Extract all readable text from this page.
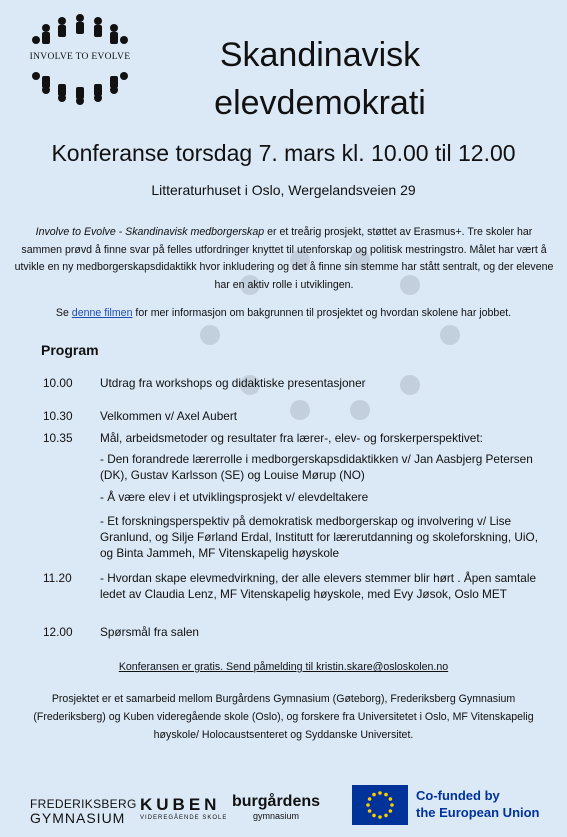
INVOLVE TO EVOLVE	Skandinavisk
elevdemokrati
Konferanse torsdag 7. mars kl. 10.00 til 12.00
Litteraturhuset i Oslo, Wergelandsveien 29
Involve to Evolve - Skandinavisk medborgerskap er et treårig prosjekt, støttet av Erasmus+. Tre skoler har sammen prøvd å finne svar på felles utfordringer knyttet til utenforskap og politisk mestringstro. Målet har vært å utvikle en ny medborgerskapsdidaktikk hvor inkludering og det å finne sin stemme har stått sentralt, og der elevene har en aktiv rolle i utviklingen.
Se denne filmen for mer informasjon om bakgrunnen til prosjektet og hvordan skolene har jobbet.
Program
10.00	Utdrag fra workshops og didaktiske presentasjoner
10.30	Velkommen v/ Axel Aubert
10.35	Mål, arbeidsmetoder og resultater fra lærer-, elev- og forskerperspektivet:
- Den forandrede lærerrolle i medborgerskapsdidaktikken v/ Jan Aasbjerg Petersen (DK), Gustav Karlsson (SE) og Louise Mørup (NO)
- Å være elev i et utviklingsprosjekt v/ elevdeltakere
- Et forskningsperspektiv på demokratisk medborgerskap og involvering v/ Lise Granlund, og Silje Førland Erdal, Institutt for lærerutdanning og skoleforskning, UiO, og Binta Jammeh, MF Vitenskapelig høyskole
11.20	- Hvordan skape elevmedvirkning, der alle elevers stemmer blir hørt . Åpen samtale ledet av Claudia Lenz, MF Vitenskapelig høyskole, med Evy Jøsok, Oslo MET
12.00	Spørsmål fra salen
Konferansen er gratis. Send påmelding til kristin.skare@osloskolen.no
Prosjektet er et samarbeid mellom Burgårdens Gymnasium (Gøteborg), Frederiksberg Gymnasium (Frederiksberg) og Kuben videregående skole (Oslo), og forskere fra Universitetet i Oslo, MF Vitenskapelig høyskole/ Holocaustsenteret og Syddanske Universitet.
FREDERIKSBERG
GYMNASIUM
KUBEN
VIDEREGÅENDE SKOLE
burgårdens
gymnasium
Co-funded by
the European Union
